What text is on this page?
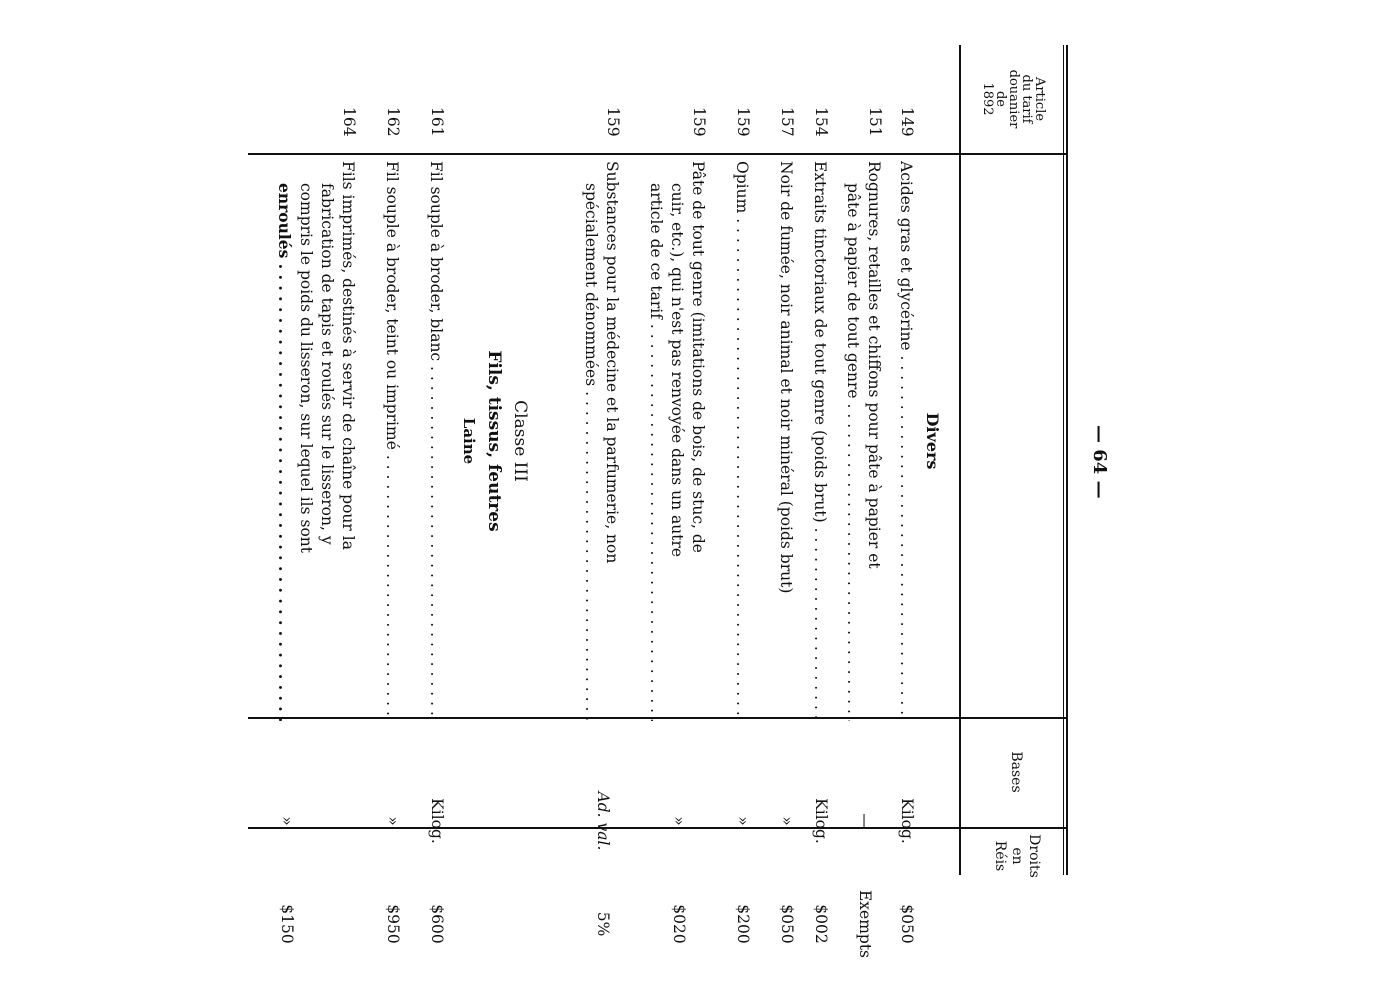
— 64 —
Article
du tarif
douanier
de
1892
Bases
Droits
en
Réis
Divers
149
Acides gras et glycérine . . .
Kilog.
$050
151
Rognures, retailles et chiffons pour pâte à papier et
pâte à papier de tout genre . . .
—
Exempts
154
Extraits tinctoriaux de tout genre (poids brut) . . .
Kilog.
$002
157
Noir de fumée, noir animal et noir minéral (poids brut)
»
$050
159
Opium . . .
»
$200
159
Pâte de tout genre (imitations de bois, de stuc, de
cuir, etc.), qui n'est pas renvoyée dans un autre
article de ce tarif . . .
»
$020
159
Substances pour la médecine et la parfumerie, non
spécialement dénommées . . .
Ad. val.
5%
Classe III
Fils, tissus, feutres
Laine
161
Fil souple à broder, blanc . . .
Kilog.
$600
162
Fil souple à broder, teint ou imprimé . . .
»
$950
164
Fils imprimés, destinés à servir de chaîne pour la
fabrication de tapis et roulés sur le lisseron, y
compris le poids du lisseron, sur lequel ils sont
enroulés . . .
»
$150
